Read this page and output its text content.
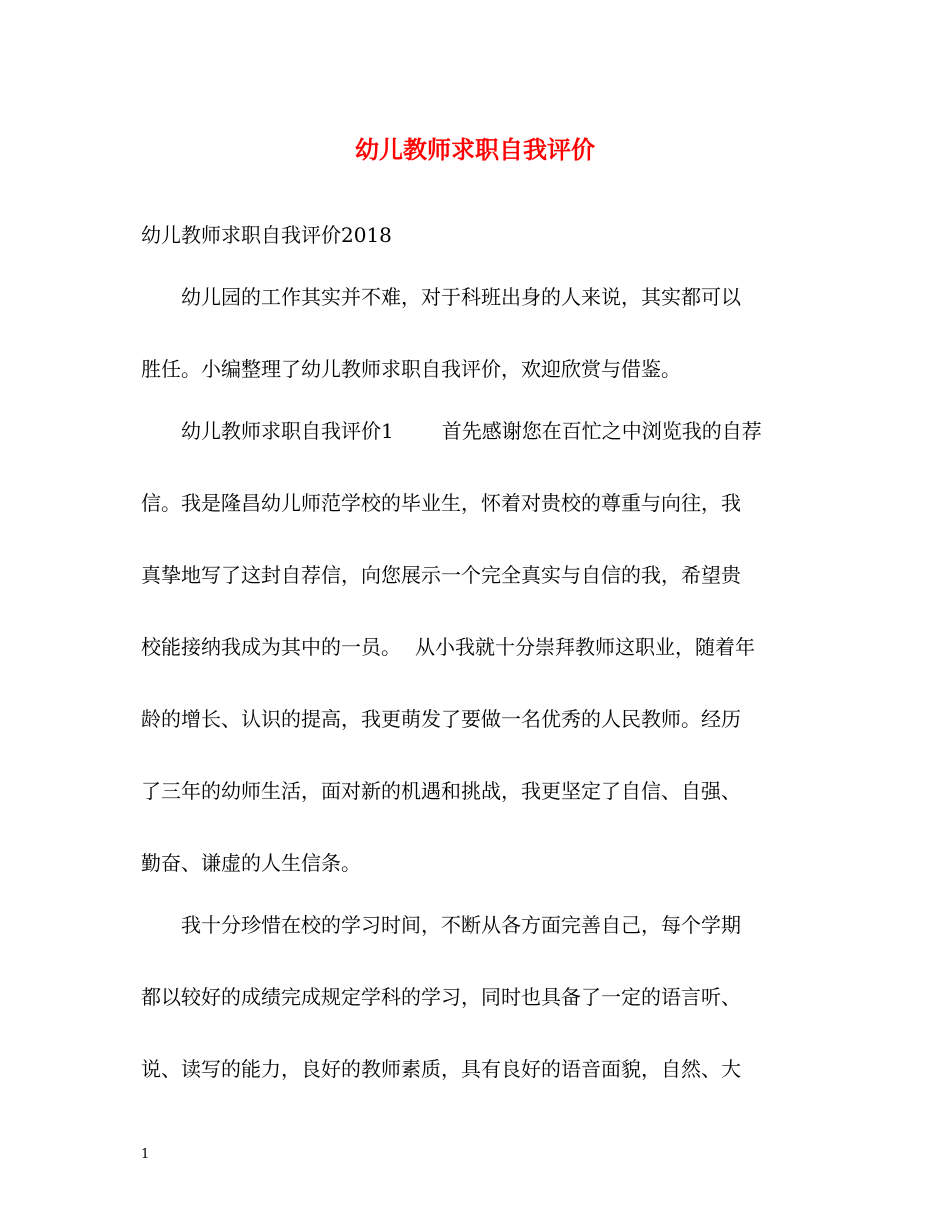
幼儿教师求职自我评价

幼儿教师求职自我评价2018

幼儿园的工作其实并不难，对于科班出身的人来说，其实都可以

胜任。小编整理了幼儿教师求职自我评价，欢迎欣赏与借鉴。

幼儿教师求职自我评价1 首先感谢您在百忙之中浏览我的自荐

信。我是隆昌幼儿师范学校的毕业生，怀着对贵校的尊重与向往，我

真挚地写了这封自荐信，向您展示一个完全真实与自信的我，希望贵

校能接纳我成为其中的一员。 从小我就十分崇拜教师这职业，随着年

龄的增长、认识的提高，我更萌发了要做一名优秀的人民教师。经历

了三年的幼师生活，面对新的机遇和挑战，我更坚定了自信、自强、

勤奋、谦虚的人生信条。

我十分珍惜在校的学习时间，不断从各方面完善自己，每个学期

都以较好的成绩完成规定学科的学习，同时也具备了一定的语言听、

说、读写的能力，良好的教师素质，具有良好的语音面貌，自然、大

1
